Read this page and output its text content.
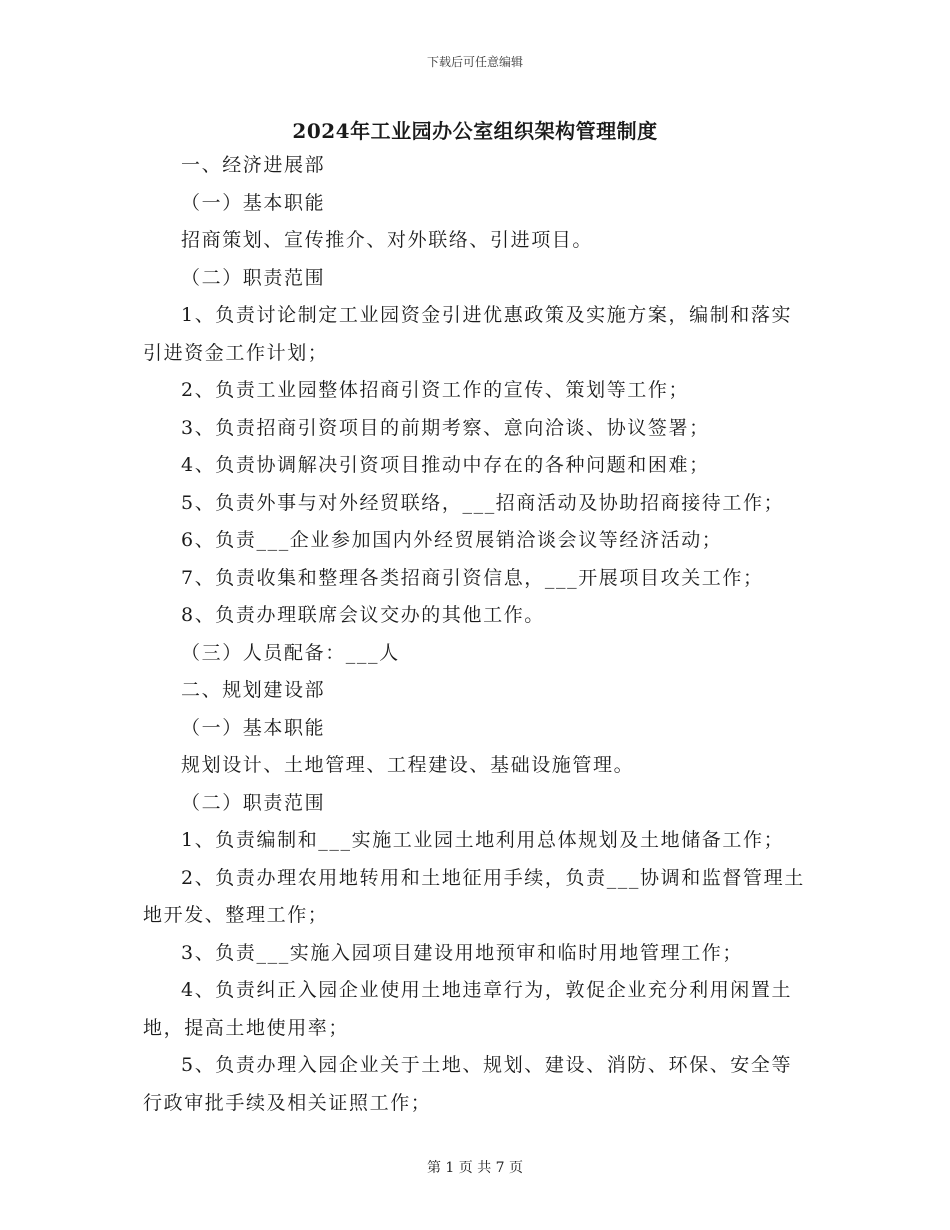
下载后可任意编辑
2024年工业园办公室组织架构管理制度

一、经济进展部

（一）基本职能

招商策划、宣传推介、对外联络、引进项目。

（二）职责范围

1、负责讨论制定工业园资金引进优惠政策及实施方案，编制和落实引进资金工作计划；

2、负责工业园整体招商引资工作的宣传、策划等工作；

3、负责招商引资项目的前期考察、意向洽谈、协议签署；

4、负责协调解决引资项目推动中存在的各种问题和困难；

5、负责外事与对外经贸联络，___招商活动及协助招商接待工作；

6、负责___企业参加国内外经贸展销洽谈会议等经济活动；

7、负责收集和整理各类招商引资信息，___开展项目攻关工作；

8、负责办理联席会议交办的其他工作。

（三）人员配备：___人

二、规划建设部

（一）基本职能

规划设计、土地管理、工程建设、基础设施管理。

（二）职责范围

1、负责编制和___实施工业园土地利用总体规划及土地储备工作；

2、负责办理农用地转用和土地征用手续，负责___协调和监督管理土地开发、整理工作；

3、负责___实施入园项目建设用地预审和临时用地管理工作；

4、负责纠正入园企业使用土地违章行为，敦促企业充分利用闲置土地，提高土地使用率；

5、负责办理入园企业关于土地、规划、建设、消防、环保、安全等行政审批手续及相关证照工作；

第 1 页 共 7 页
